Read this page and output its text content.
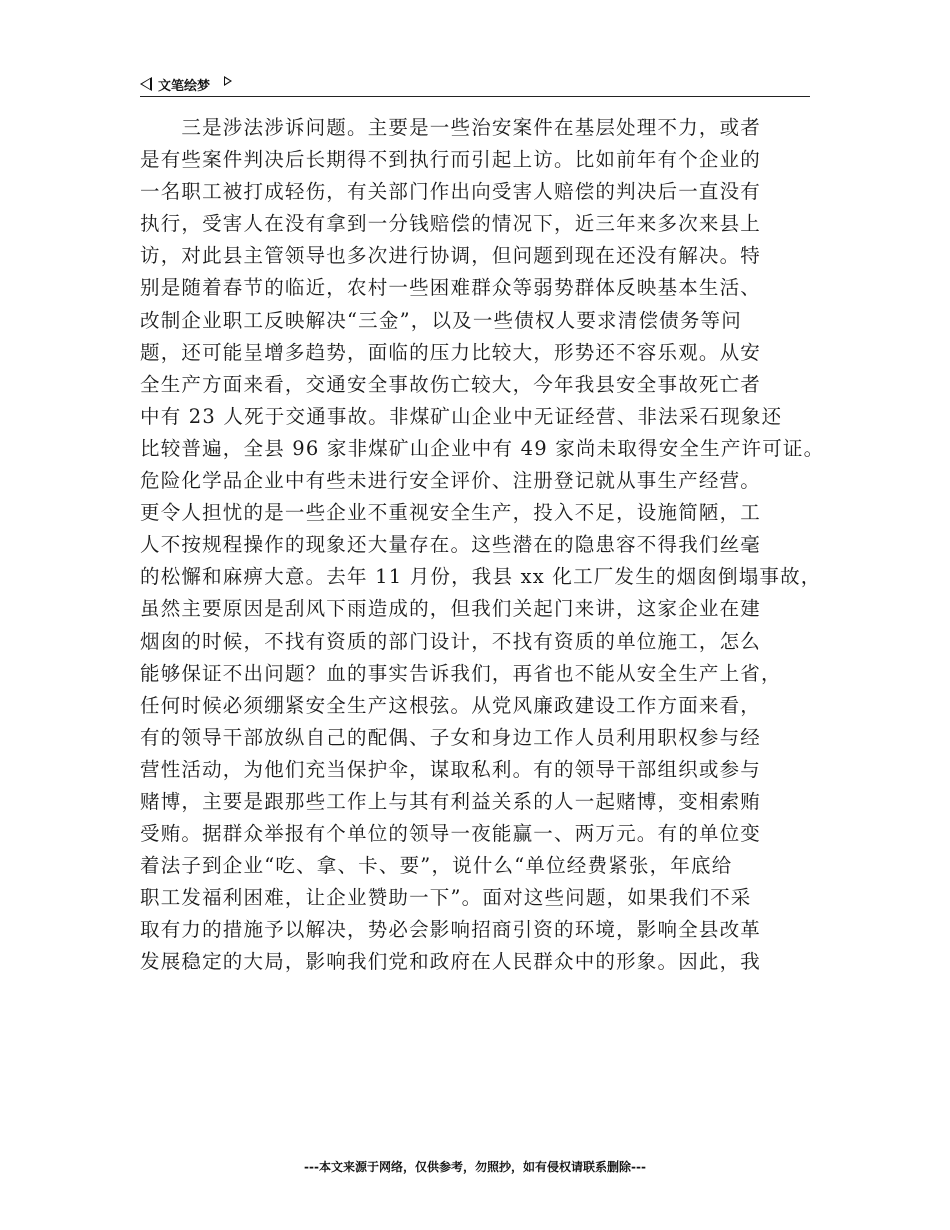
文笔绘梦
　　三是涉法涉诉问题。主要是一些治安案件在基层处理不力，或者
是有些案件判决后长期得不到执行而引起上访。比如前年有个企业的
一名职工被打成轻伤，有关部门作出向受害人赔偿的判决后一直没有
执行，受害人在没有拿到一分钱赔偿的情况下，近三年来多次来县上
访，对此县主管领导也多次进行协调，但问题到现在还没有解决。特
别是随着春节的临近，农村一些困难群众等弱势群体反映基本生活、
改制企业职工反映解决“三金”，以及一些债权人要求清偿债务等问
题，还可能呈增多趋势，面临的压力比较大，形势还不容乐观。从安
全生产方面来看，交通安全事故伤亡较大，今年我县安全事故死亡者
中有 23 人死于交通事故。非煤矿山企业中无证经营、非法采石现象还
比较普遍，全县 96 家非煤矿山企业中有 49 家尚未取得安全生产许可证。
危险化学品企业中有些未进行安全评价、注册登记就从事生产经营。
更令人担忧的是一些企业不重视安全生产，投入不足，设施简陋，工
人不按规程操作的现象还大量存在。这些潜在的隐患容不得我们丝毫
的松懈和麻痹大意。去年 11 月份，我县 xx 化工厂发生的烟囱倒塌事故，
虽然主要原因是刮风下雨造成的，但我们关起门来讲，这家企业在建
烟囱的时候，不找有资质的部门设计，不找有资质的单位施工，怎么
能够保证不出问题？血的事实告诉我们，再省也不能从安全生产上省，
任何时候必须绷紧安全生产这根弦。从党风廉政建设工作方面来看，
有的领导干部放纵自己的配偶、子女和身边工作人员利用职权参与经
营性活动，为他们充当保护伞，谋取私利。有的领导干部组织或参与
赌博，主要是跟那些工作上与其有利益关系的人一起赌博，变相索贿
受贿。据群众举报有个单位的领导一夜能赢一、两万元。有的单位变
着法子到企业“吃、拿、卡、要”，说什么“单位经费紧张，年底给
职工发福利困难，让企业赞助一下”。面对这些问题，如果我们不采
取有力的措施予以解决，势必会影响招商引资的环境，影响全县改革
发展稳定的大局，影响我们党和政府在人民群众中的形象。因此，我
---本文来源于网络，仅供参考，勿照抄，如有侵权请联系删除---
